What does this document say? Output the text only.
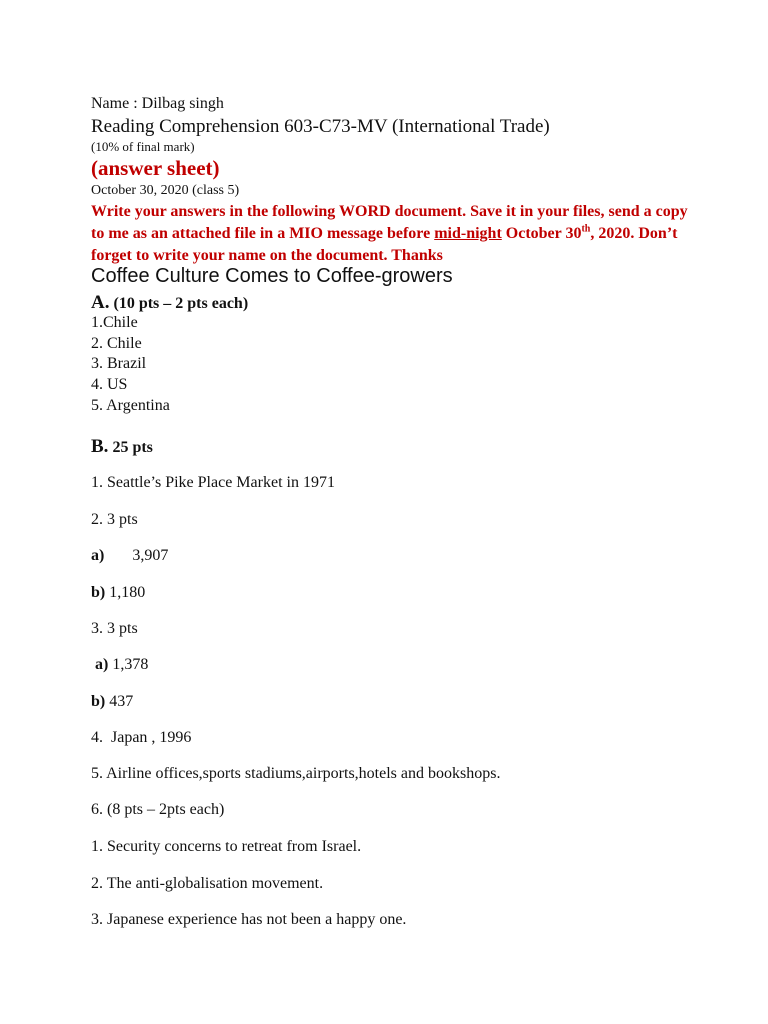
Name : Dilbag singh
Reading Comprehension 603-C73-MV (International Trade)
(10% of final mark)
(answer sheet)
October 30, 2020 (class 5)
Write your answers in the following WORD document. Save it in your files, send a copy to me as an attached file in a MIO message before mid-night October 30th, 2020. Don’t forget to write your name on the document. Thanks
Coffee Culture Comes to Coffee-growers
A. (10 pts – 2 pts each)
1.Chile
2. Chile
3. Brazil
4. US
5. Argentina
B. 25 pts
1. Seattle’s Pike Place Market in 1971
2. 3 pts
a)       3,907
b) 1,180
3. 3 pts
a) 1,378
b) 437
4.  Japan , 1996
5. Airline offices,sports stadiums,airports,hotels and bookshops.
6. (8 pts – 2pts each)
1. Security concerns to retreat from Israel.
2. The anti-globalisation movement.
3. Japanese experience has not been a happy one.
